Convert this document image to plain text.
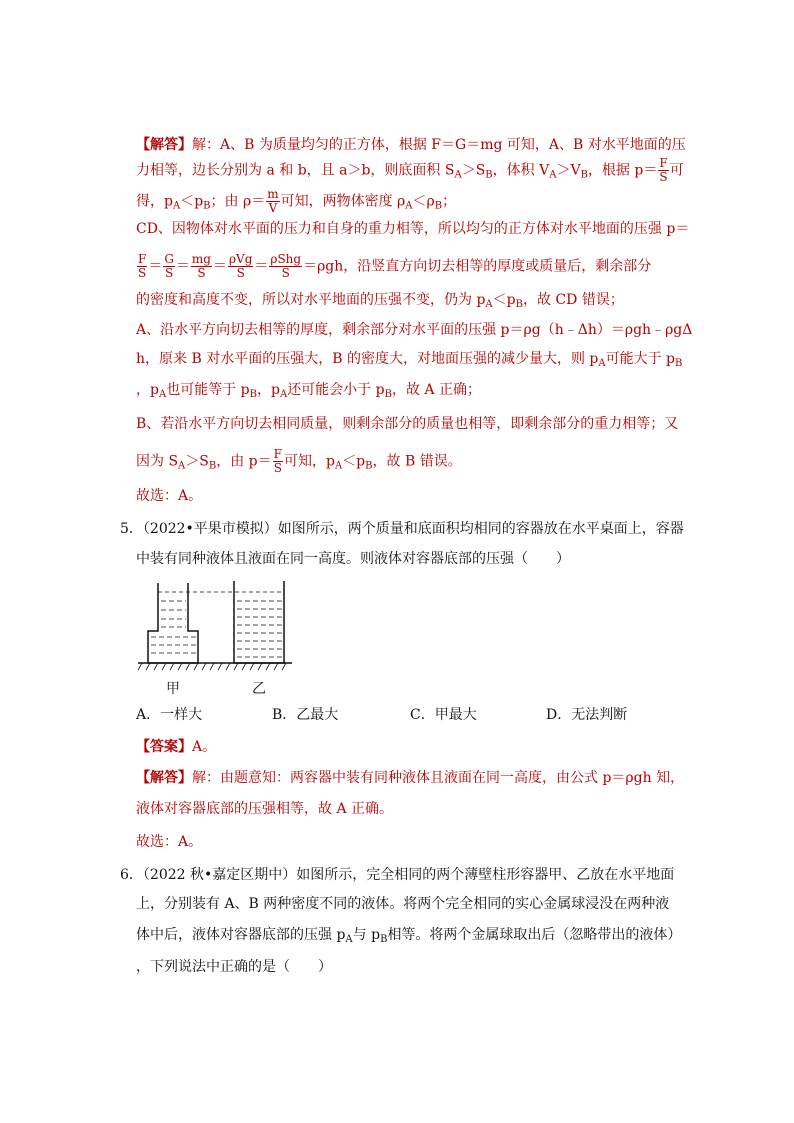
【解答】解：A、B 为质量均匀的正方体，根据 F＝G＝mg 可知，A、B 对水平地面的压
力相等，边长分别为 a 和 b，且 a＞b，则底面积 $S_A>S_B$，体积 $V_A>V_B$，根据 $p= \frac{F}{S}$ 可
得，$p_A<p_B$；由 $\rho= \frac{m}{V}$ 可知，两物体密度 $\rho_A<\rho_B$；
CD、因物体对水平面的压力和自身的重力相等，所以均匀的正方体对水平地面的压强 p＝
$\frac{F}{S} = \frac{G}{S} = \frac{mg}{S} = \frac{\text{ρVg}}{S} = \frac{\text{ρShg}}{S} =\rho gh$，沿竖直方向切去相等的厚度或质量后，剩余部分
的密度和高度不变，所以对水平地面的压强不变，仍为 $p_A<p_B$，故 CD 错误；
A、沿水平方向切去相等的厚度，剩余部分对水平面的压强 p＝ρg（h﹣Δh）＝ρgh﹣ρgΔ
h，原来 B 对水平面的压强大，B 的密度大，对地面压强的减少量大，则 $p_A$可能大于 $p_B$
，$p_A$也可能等于 $p_B$，$p_A$还可能会小于 $p_B$，故 A 正确；
B、若沿水平方向切去相同质量，则剩余部分的质量也相等，即剩余部分的重力相等；又
因为 $S_A>S_B$，由 $p= \frac{F}{S}$ 可知，$p_A<p_B$，故 B 错误。
故选：A。
5．（2022•平果市模拟）如图所示，两个质量和底面积均相同的容器放在水平桌面上，容器
中装有同种液体且液面在同一高度。则液体对容器底部的压强（　　）
甲	乙
A．一样大	B．乙最大	C．甲最大	D．无法判断
【答案】A。
【解答】解：由题意知：两容器中装有同种液体且液面在同一高度，由公式 p＝ρgh 知，
液体对容器底部的压强相等，故 A 正确。
故选：A。
6．（2022 秋•嘉定区期中）如图所示，完全相同的两个薄壁柱形容器甲、乙放在水平地面
上，分别装有 A、B 两种密度不同的液体。将两个完全相同的实心金属球浸没在两种液
体中后，液体对容器底部的压强 $p_A$与 $p_B$相等。将两个金属球取出后（忽略带出的液体）
，下列说法中正确的是（　　）
